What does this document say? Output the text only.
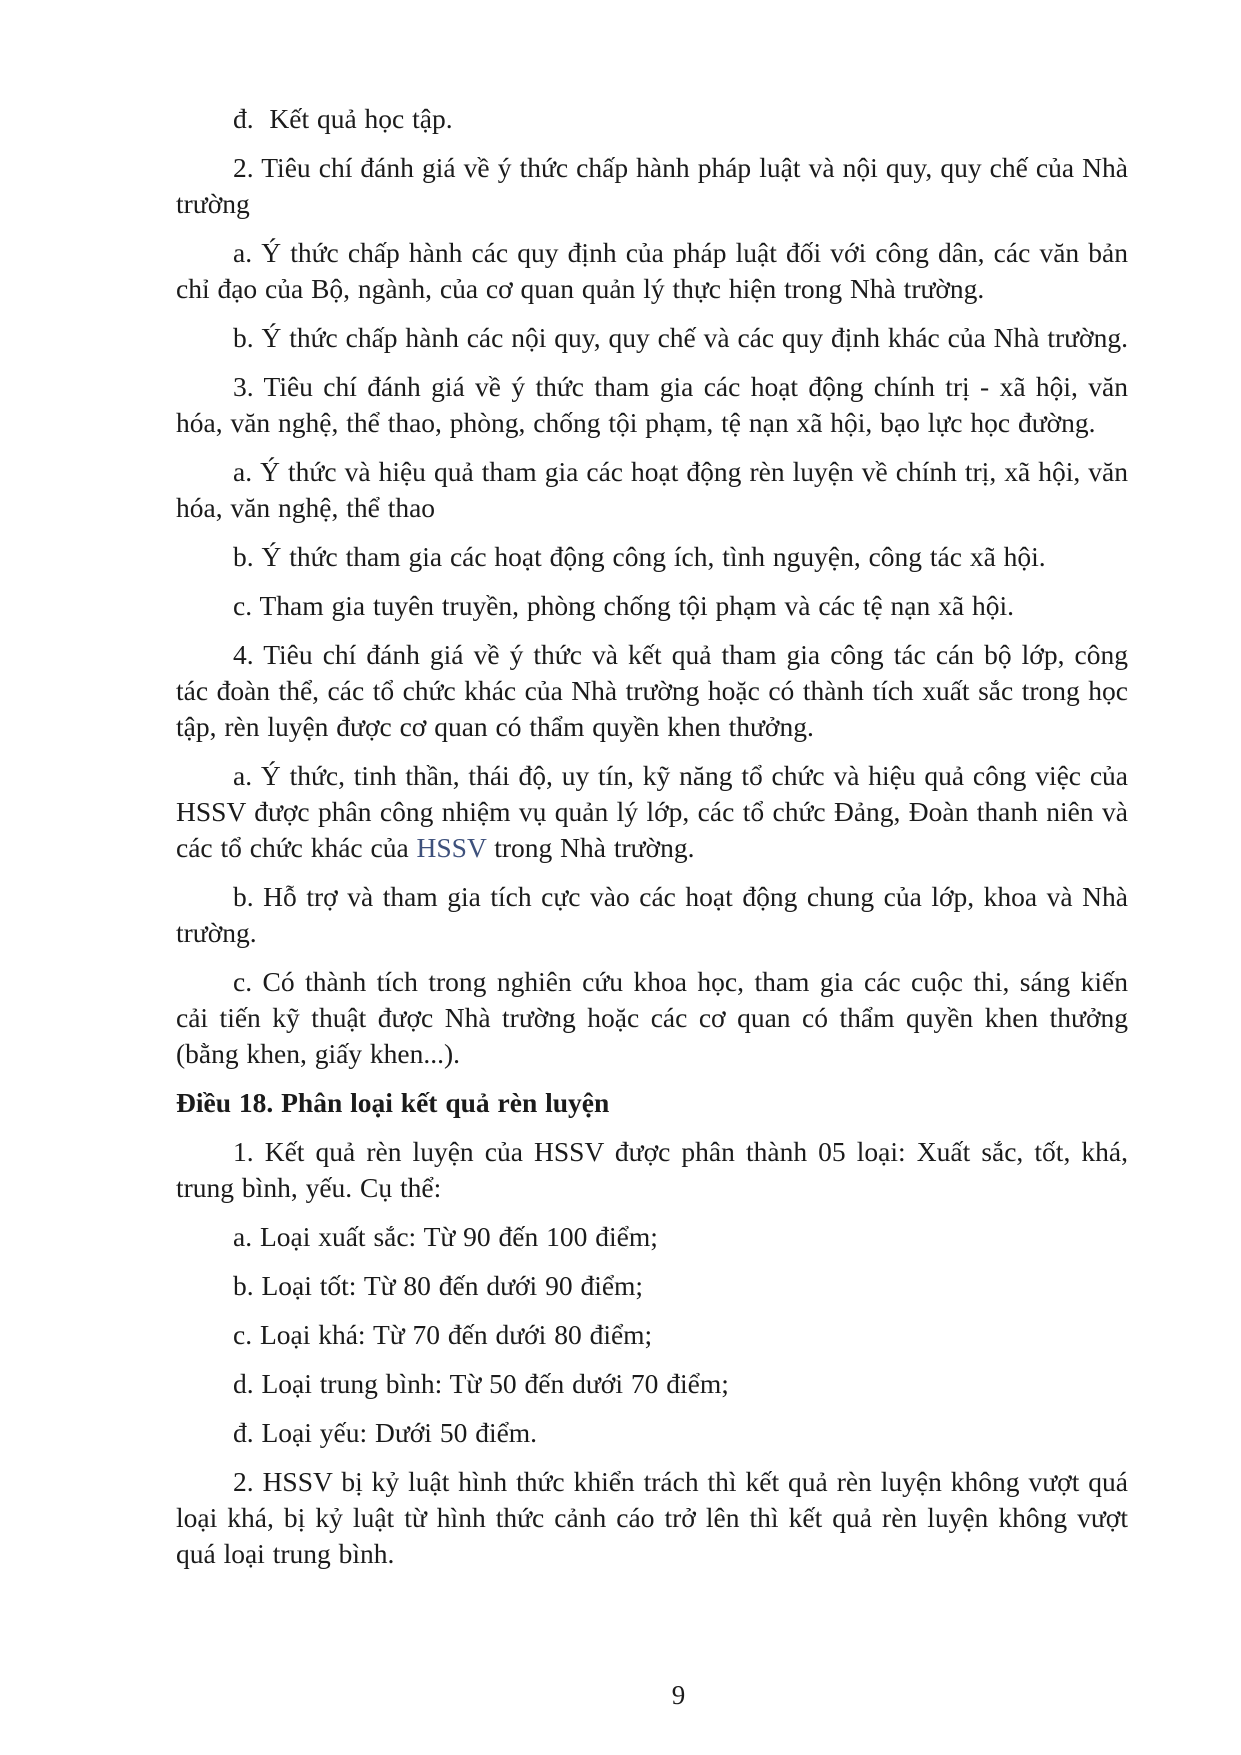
đ.  Kết quả học tập.

2. Tiêu chí đánh giá về ý thức chấp hành pháp luật và nội quy, quy chế của Nhà trường

a. Ý thức chấp hành các quy định của pháp luật đối với công dân, các văn bản chỉ đạo của Bộ, ngành, của cơ quan quản lý thực hiện trong Nhà trường.

b. Ý thức chấp hành các nội quy, quy chế và các quy định khác của Nhà trường.

3. Tiêu chí đánh giá về ý thức tham gia các hoạt động chính trị - xã hội, văn hóa, văn nghệ, thể thao, phòng, chống tội phạm, tệ nạn xã hội, bạo lực học đường.

a. Ý thức và hiệu quả tham gia các hoạt động rèn luyện về chính trị, xã hội, văn hóa, văn nghệ, thể thao

b. Ý thức tham gia các hoạt động công ích, tình nguyện, công tác xã hội.

c. Tham gia tuyên truyền, phòng chống tội phạm và các tệ nạn xã hội.

4. Tiêu chí đánh giá về ý thức và kết quả tham gia công tác cán bộ lớp, công tác đoàn thể, các tổ chức khác của Nhà trường hoặc có thành tích xuất sắc trong học tập, rèn luyện được cơ quan có thẩm quyền khen thưởng.

a. Ý thức, tinh thần, thái độ, uy tín, kỹ năng tổ chức và hiệu quả công việc của HSSV được phân công nhiệm vụ quản lý lớp, các tổ chức Đảng, Đoàn thanh niên và các tổ chức khác của HSSV trong Nhà trường.

b. Hỗ trợ và tham gia tích cực vào các hoạt động chung của lớp, khoa và Nhà trường.

c. Có thành tích trong nghiên cứu khoa học, tham gia các cuộc thi, sáng kiến cải tiến kỹ thuật được Nhà trường hoặc các cơ quan có thẩm quyền khen thưởng (bằng khen, giấy khen...).

Điều 18. Phân loại kết quả rèn luyện

1. Kết quả rèn luyện của HSSV được phân thành 05 loại: Xuất sắc, tốt, khá, trung bình, yếu. Cụ thể:

a. Loại xuất sắc: Từ 90 đến 100 điểm;

b. Loại tốt: Từ 80 đến dưới 90 điểm;

c. Loại khá: Từ 70 đến dưới 80 điểm;

d. Loại trung bình: Từ 50 đến dưới 70 điểm;

đ. Loại yếu: Dưới 50 điểm.

2. HSSV bị kỷ luật hình thức khiển trách thì kết quả rèn luyện không vượt quá loại khá, bị kỷ luật từ hình thức cảnh cáo trở lên thì kết quả rèn luyện không vượt quá loại trung bình.

9
